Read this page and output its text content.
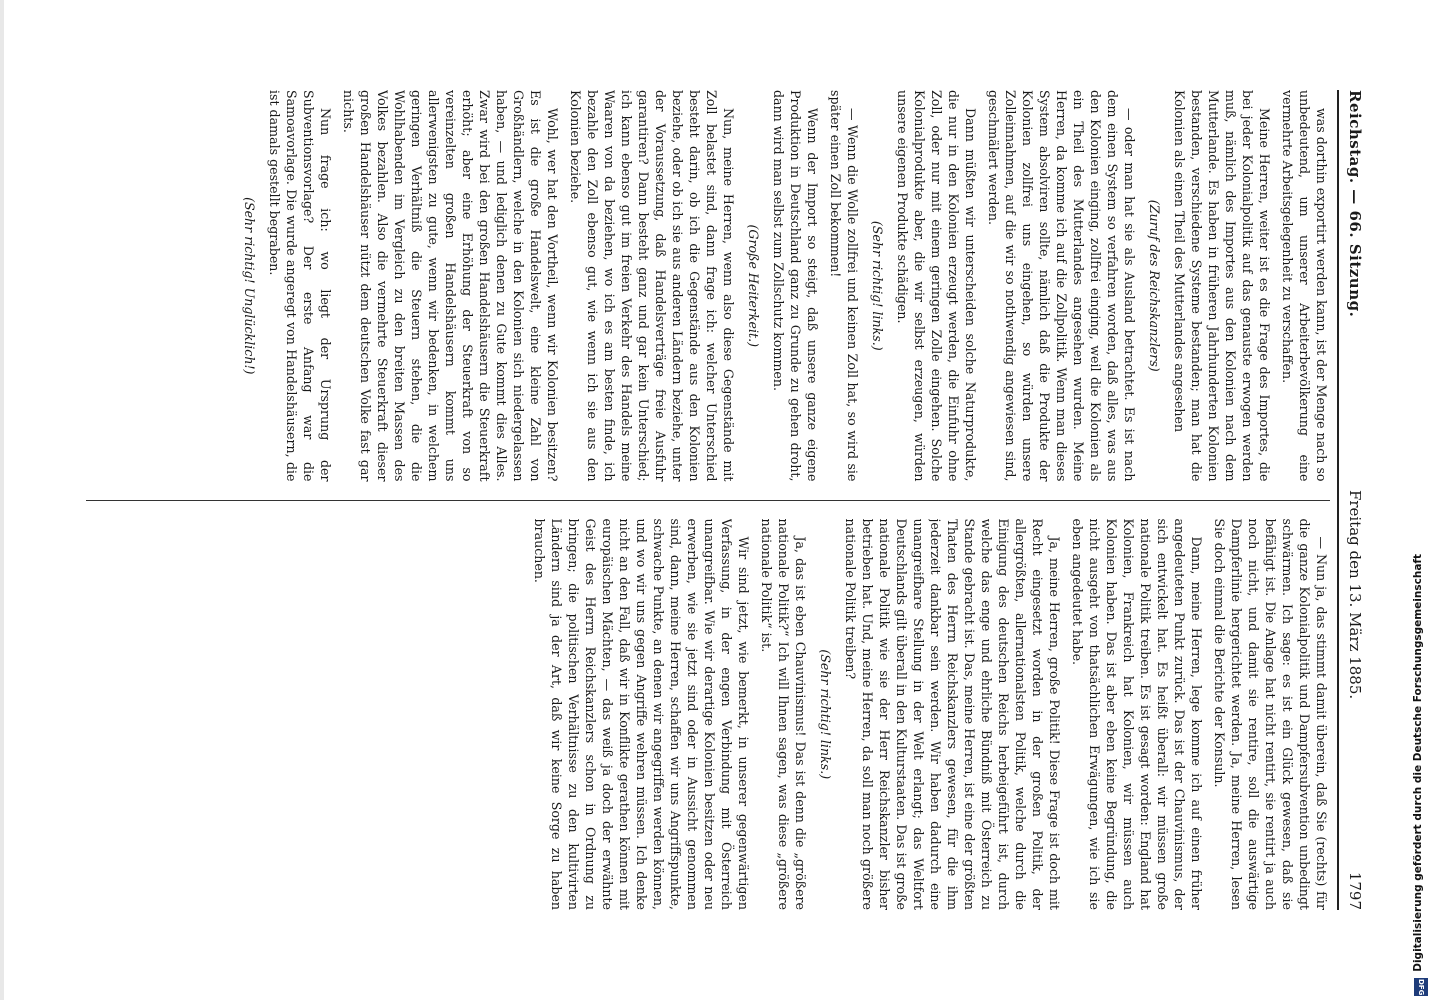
Reichstag. — 66. Sitzung.
Freitag den 13. März 1885.
1797

was dorthin exportirt werden kann, ist der Menge nach so unbedeutend, um unserer Arbeiterbevölkerung eine vermehrte Arbeitsgelegenheit zu verschaffen.

Meine Herren, weiter ist es die Frage des Importes, die bei jeder Kolonialpolitik auf das genauste erwogen werden muß, nämlich des Importes aus den Kolonien nach dem Mutterlande. Es haben in früheren Jahrhunderten Kolonien bestanden, verschiedene Systeme bestanden; man hat die Kolonien als einen Theil des Mutterlandes angesehen

(Zuruf des Reichskanzlers)

— oder man hat sie als Ausland betrachtet. Es ist nach dem einen System so verfahren worden, daß alles, was aus den Kolonien einging, zollfrei einging, weil die Kolonien als ein Theil des Mutterlandes angesehen wurden. Meine Herren, da komme ich auf die Zollpolitik. Wenn man dieses System absolviren sollte, nämlich daß die Produkte der Kolonien zollfrei uns eingehen, so würden unsere Zolleinnahmen, auf die wir so nothwendig angewiesen sind, geschmälert werden.

Dann müßten wir unterscheiden solche Naturprodukte, die nur in den Kolonien erzeugt werden, die Einfuhr ohne Zoll, oder nur mit einem geringen Zolle eingehen. Solche Kolonialprodukte aber, die wir selbst erzeugen, würden unsere eigenen Produkte schädigen.

(Sehr richtig! links.)

— Wenn die Wolle zollfrei und keinen Zoll hat, so wird sie später einen Zoll bekommen!

Wenn der Import so steigt, daß unsere ganze eigene Produktion in Deutschland ganz zu Grunde zu gehen droht, dann wird man selbst zum Zollschutz kommen.

(Große Heiterkeit.)

Nun, meine Herren, wenn also diese Gegenstände mit Zoll belastet sind, dann frage ich: welcher Unterschied besteht darin, ob ich die Gegenstände aus den Kolonien beziehe, oder ob ich sie aus anderen Ländern beziehe, unter der Voraussetzung, daß Handelsverträge freie Ausfuhr garantiren? Dann besteht ganz und gar kein Unterschied; ich kann ebenso gut im freien Verkehr des Handels meine Waaren von da beziehen, wo ich es am besten finde, ich bezahle den Zoll ebenso gut, wie wenn ich sie aus den Kolonien beziehe.

Wohl, wer hat den Vortheil, wenn wir Kolonien besitzen? Es ist die große Handelswelt, eine kleine Zahl von Großhändlern, welche in den Kolonien sich niedergelassen haben, — und lediglich denen zu Gute kommt dies Alles. Zwar wird bei den großen Handelshäusern die Steuerkraft erhöht; aber eine Erhöhung der Steuerkraft von so vereinzelten großen Handelshäusern kommt uns allerwenigsten zu gute, wenn wir bedenken, in welchem geringen Verhältniß die Steuern stehen, die die Wohlhabenden im Vergleich zu den breiten Massen des Volkes bezahlen. Also die vermehrte Steuerkraft dieser großen Handelshäuser nützt dem deutschen Volke fast gar nichts.

Nun frage ich: wo liegt der Ursprung der Subventionsvorlage? Der erste Anfang war die Samoavorlage. Die wurde angeregt von Handelshäusern, die ist damals gestellt begraben.

(Sehr richtig! Unglücklich!)

— Nun ja, das stimmt damit überein, daß Sie (rechts) für die ganze Kolonialpolitik und Dampfersubvention unbedingt schwärmen. Ich sage: es ist ein Glück gewesen, daß sie befähigt ist. Die Anlage hat nicht rentirt, sie rentirt ja auch noch nicht, und damit sie rentire, soll die auswärtige Dampferlinie hergerichtet werden. Ja, meine Herren, lesen Sie doch einmal die Berichte der Konsuln.

Dann, meine Herren, lege komme ich auf einen früher angedeuteten Punkt zurück. Das ist der Chauvinismus, der sich entwickelt hat. Es heißt überall: wir müssen große nationale Politik treiben. Es ist gesagt worden: England hat Kolonien, Frankreich hat Kolonien, wir müssen auch Kolonien haben. Das ist aber eben keine Begründung, die nicht ausgeht von thatsächlichen Erwägungen, wie ich sie eben angedeutet habe.

Ja, meine Herren, große Politik! Diese Frage ist doch mit Recht eingesetzt worden in der großen Politik, der allergrößten, allernationalsten Politik, welche durch die Einigung des deutschen Reichs herbeigeführt ist, durch welche das enge und ehrliche Bündniß mit Österreich zu Stande gebracht ist. Das, meine Herren, ist eine der größten Thaten des Herrn Reichskanzlers gewesen, für die ihm jederzeit dankbar sein werden. Wir haben dadurch eine unangreifbare Stellung in der Welt erlangt; das Weltfort Deutschlands gilt überall in den Kulturstaaten. Das ist große nationale Politik wie sie der Herr Reichskanzler bisher betrieben hat. Und, meine Herren, da soll man noch größere nationale Politik treiben?

(Sehr richtig! links.)

Ja, das ist eben Chauvinismus! Das ist denn die „größere nationale Politik?“ Ich will Ihnen sagen, was diese „größere nationale Politik“ ist.

Wir sind jetzt, wie bemerkt, in unserer gegenwärtigen Verfassung, in der engen Verbindung mit Österreich unangreifbar. Wie wir derartige Kolonien besitzen oder neu erwerben, wie sie jetzt sind oder in Aussicht genommen sind, dann, meine Herren, schaffen wir uns Angriffspunkte, schwache Punkte, an denen wir angegriffen werden können, und wo wir uns gegen Angriffe wehren müssen. Ich denke nicht an den Fall, daß wir in Konflikte gerathen können mit europäischen Mächten, — das weiß ja doch der erwähnte Geist des Herrn Reichskanzlers schon in Ordnung zu bringen; die politischen Verhältnisse zu den kultivirten Ländern sind ja der Art, daß wir keine Sorge zu haben brauchen.

Digitalisierung gefördert durch die Deutsche Forschungsgemeinschaft
DFG
